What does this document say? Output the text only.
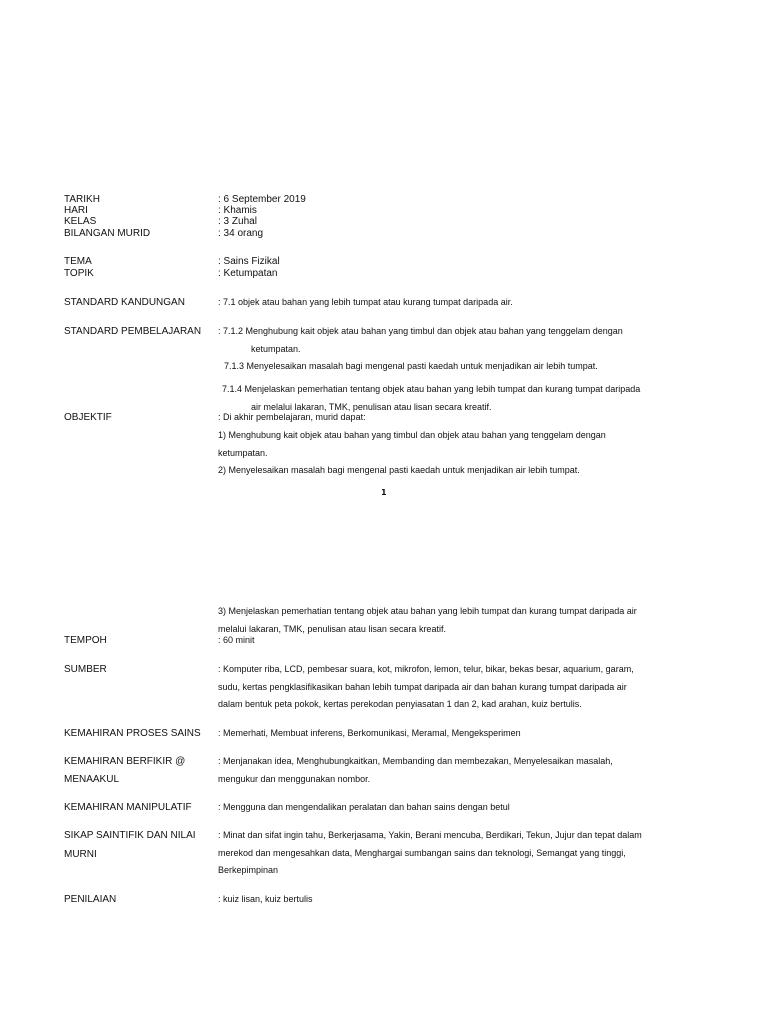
TARIKH	: 6 September 2019
HARI	: Khamis
KELAS	: 3 Zuhal
BILANGAN MURID	: 34 orang
TEMA	: Sains Fizikal
TOPIK	: Ketumpatan
STANDARD KANDUNGAN	: 7.1 objek atau bahan yang lebih tumpat atau kurang tumpat daripada air.
STANDARD PEMBELAJARAN : 7.1.2 Menghubung kait objek atau bahan yang timbul dan objek atau bahan yang tenggelam dengan
ketumpatan.
7.1.3 Menyelesaikan masalah bagi mengenal pasti kaedah untuk menjadikan air lebih tumpat.
7.1.4 Menjelaskan pemerhatian tentang objek atau bahan yang lebih tumpat dan kurang tumpat daripada
air melalui lakaran, TMK, penulisan atau lisan secara kreatif.
OBJEKTIF	: Di akhir pembelajaran, murid dapat:
1) Menghubung kait objek atau bahan yang timbul dan objek atau bahan yang tenggelam dengan
ketumpatan.
2) Menyelesaikan masalah bagi mengenal pasti kaedah untuk menjadikan air lebih tumpat.
1
3) Menjelaskan pemerhatian tentang objek atau bahan yang lebih tumpat dan kurang tumpat daripada air
melalui lakaran, TMK, penulisan atau lisan secara kreatif.
TEMPOH	: 60 minit
SUMBER	: Komputer riba, LCD, pembesar suara, kot, mikrofon, lemon, telur, bikar, bekas besar, aquarium, garam,
sudu, kertas pengklasifikasikan bahan lebih tumpat daripada air dan bahan kurang tumpat daripada air
dalam bentuk peta pokok, kertas perekodan penyiasatan 1 dan 2, kad arahan, kuiz bertulis.
KEMAHIRAN PROSES SAINS : Memerhati, Membuat inferens, Berkomunikasi, Meramal, Mengeksperimen
KEMAHIRAN BERFIKIR @
MENAAKUL
: Menjanakan idea, Menghubungkaitkan, Membanding dan membezakan, Menyelesaikan masalah,
mengukur dan menggunakan nombor.
KEMAHIRAN MANIPULATIF	: Mengguna dan mengendalikan peralatan dan bahan sains dengan betul
SIKAP SAINTIFIK DAN NILAI
MURNI
: Minat dan sifat ingin tahu, Berkerjasama, Yakin, Berani mencuba, Berdikari, Tekun, Jujur dan tepat dalam
merekod dan mengesahkan data, Menghargai sumbangan sains dan teknologi, Semangat yang tinggi,
Berkepimpinan
PENILAIAN	: kuiz lisan, kuiz bertulis
